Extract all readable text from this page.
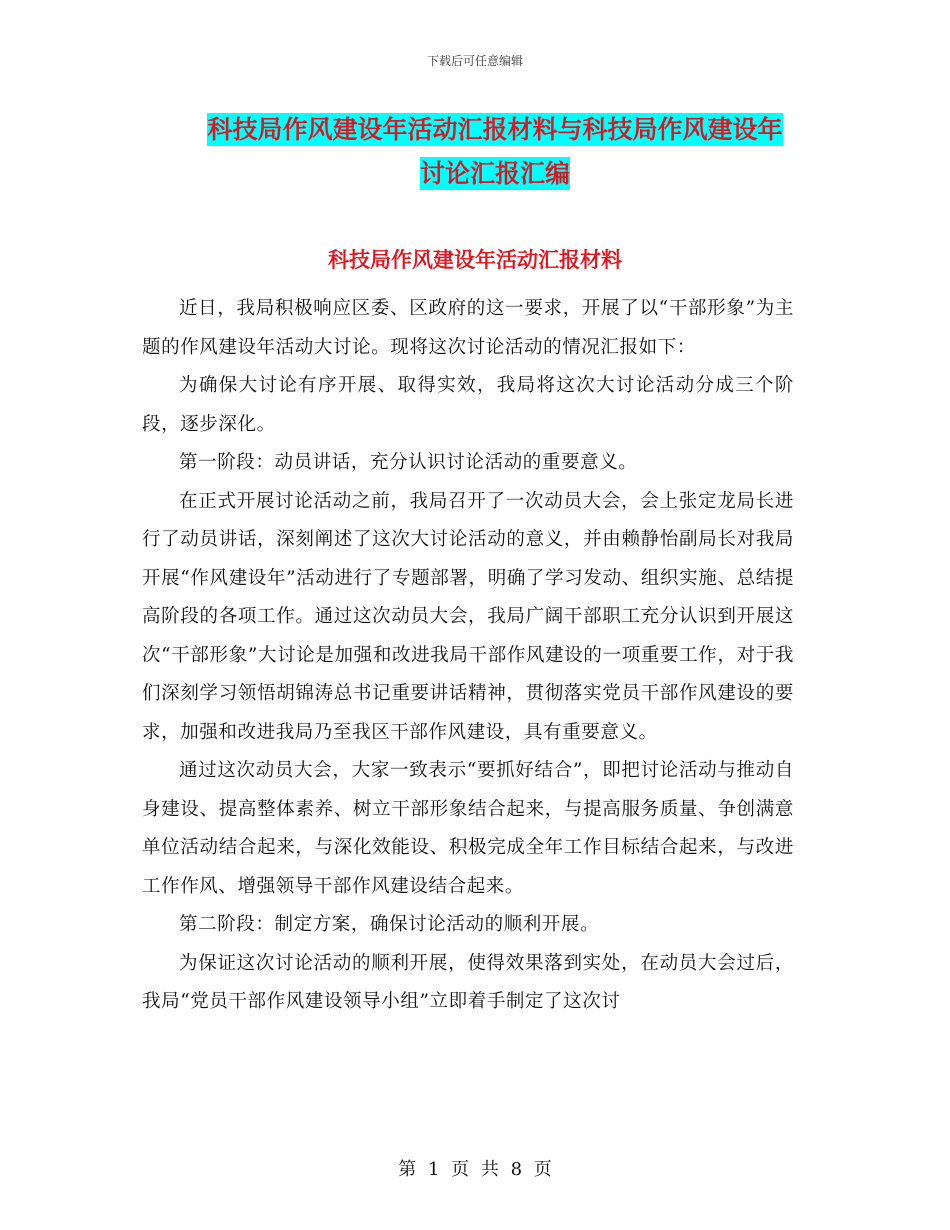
下载后可任意编辑
科技局作风建设年活动汇报材料与科技局作风建设年
讨论汇报汇编
科技局作风建设年活动汇报材料

近日，我局积极响应区委、区政府的这一要求，开展了以“干部形象”为主题的作风建设年活动大讨论。现将这次讨论活动的情况汇报如下：

为确保大讨论有序开展、取得实效，我局将这次大讨论活动分成三个阶段，逐步深化。

第一阶段：动员讲话，充分认识讨论活动的重要意义。

在正式开展讨论活动之前，我局召开了一次动员大会，会上张定龙局长进行了动员讲话，深刻阐述了这次大讨论活动的意义，并由赖静怡副局长对我局开展“作风建设年”活动进行了专题部署，明确了学习发动、组织实施、总结提高阶段的各项工作。通过这次动员大会，我局广阔干部职工充分认识到开展这次“干部形象”大讨论是加强和改进我局干部作风建设的一项重要工作，对于我们深刻学习领悟胡锦涛总书记重要讲话精神，贯彻落实党员干部作风建设的要求，加强和改进我局乃至我区干部作风建设，具有重要意义。

通过这次动员大会，大家一致表示“要抓好结合”，即把讨论活动与推动自身建设、提高整体素养、树立干部形象结合起来，与提高服务质量、争创满意单位活动结合起来，与深化效能设、积极完成全年工作目标结合起来，与改进工作作风、增强领导干部作风建设结合起来。

第二阶段：制定方案，确保讨论活动的顺利开展。

为保证这次讨论活动的顺利开展，使得效果落到实处，在动员大会过后，我局“党员干部作风建设领导小组”立即着手制定了这次讨

第 1 页 共 8 页
